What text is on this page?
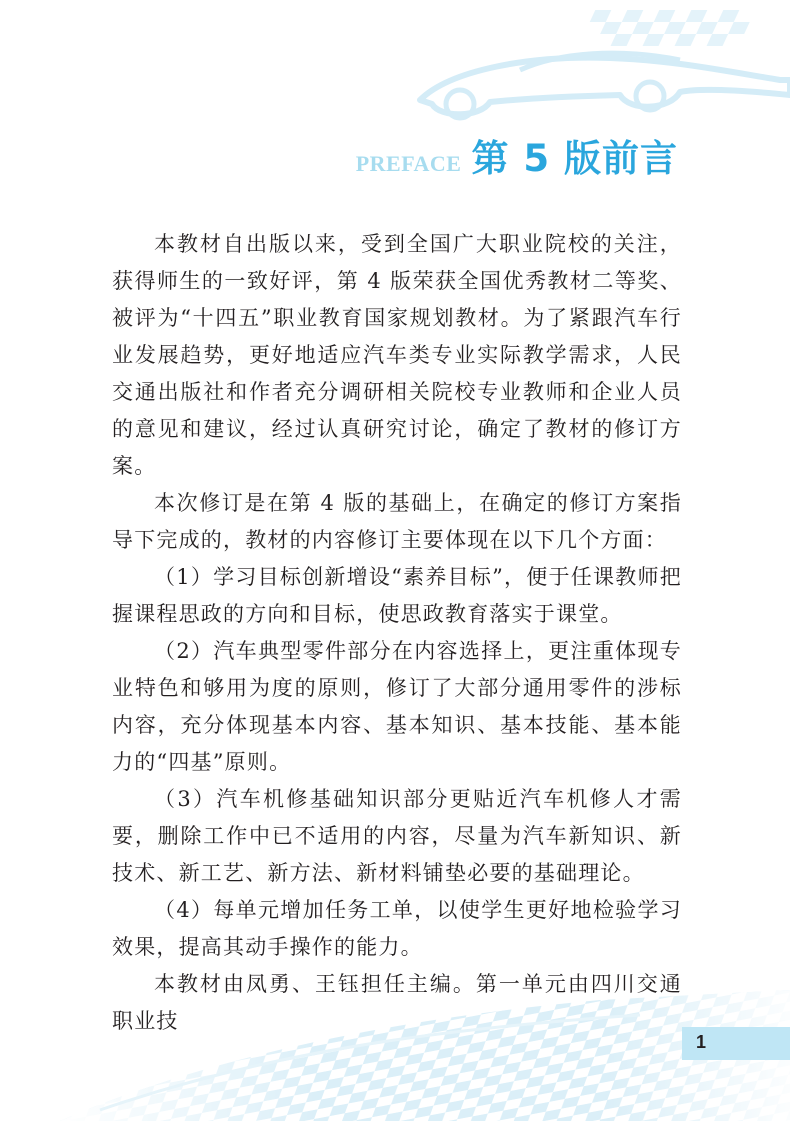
PREFACE 第 5 版前言

本教材自出版以来，受到全国广大职业院校的关注，获得师生的一致好评，第 4 版荣获全国优秀教材二等奖、被评为“十四五”职业教育国家规划教材。为了紧跟汽车行业发展趋势，更好地适应汽车类专业实际教学需求，人民交通出版社和作者充分调研相关院校专业教师和企业人员的意见和建议，经过认真研究讨论，确定了教材的修订方案。

本次修订是在第 4 版的基础上，在确定的修订方案指导下完成的，教材的内容修订主要体现在以下几个方面：

（1）学习目标创新增设“素养目标”，便于任课教师把握课程思政的方向和目标，使思政教育落实于课堂。

（2）汽车典型零件部分在内容选择上，更注重体现专业特色和够用为度的原则，修订了大部分通用零件的涉标内容，充分体现基本内容、基本知识、基本技能、基本能力的“四基”原则。

（3）汽车机修基础知识部分更贴近汽车机修人才需要，删除工作中已不适用的内容，尽量为汽车新知识、新技术、新工艺、新方法、新材料铺垫必要的基础理论。

（4）每单元增加任务工单，以使学生更好地检验学习效果，提高其动手操作的能力。

本教材由凤勇、王钰担任主编。第一单元由四川交通职业技

1
